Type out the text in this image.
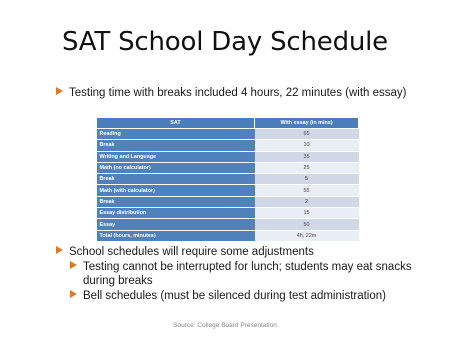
SAT School Day Schedule
Testing time with breaks included 4 hours, 22 minutes (with essay)
SAT	With essay (in mins)
Reading	65
Break	10
Writing and Language	35
Math (no calculator)	25
Break	5
Math (with calculator)	55
Break	2
Essay distribution	15
Essay	50
Total (hours, minutes)	4h, 22m
School schedules will require some adjustments
Testing cannot be interrupted for lunch; students may eat snacks
during breaks
Bell schedules (must be silenced during test administration)
Source: College Board Presentation
